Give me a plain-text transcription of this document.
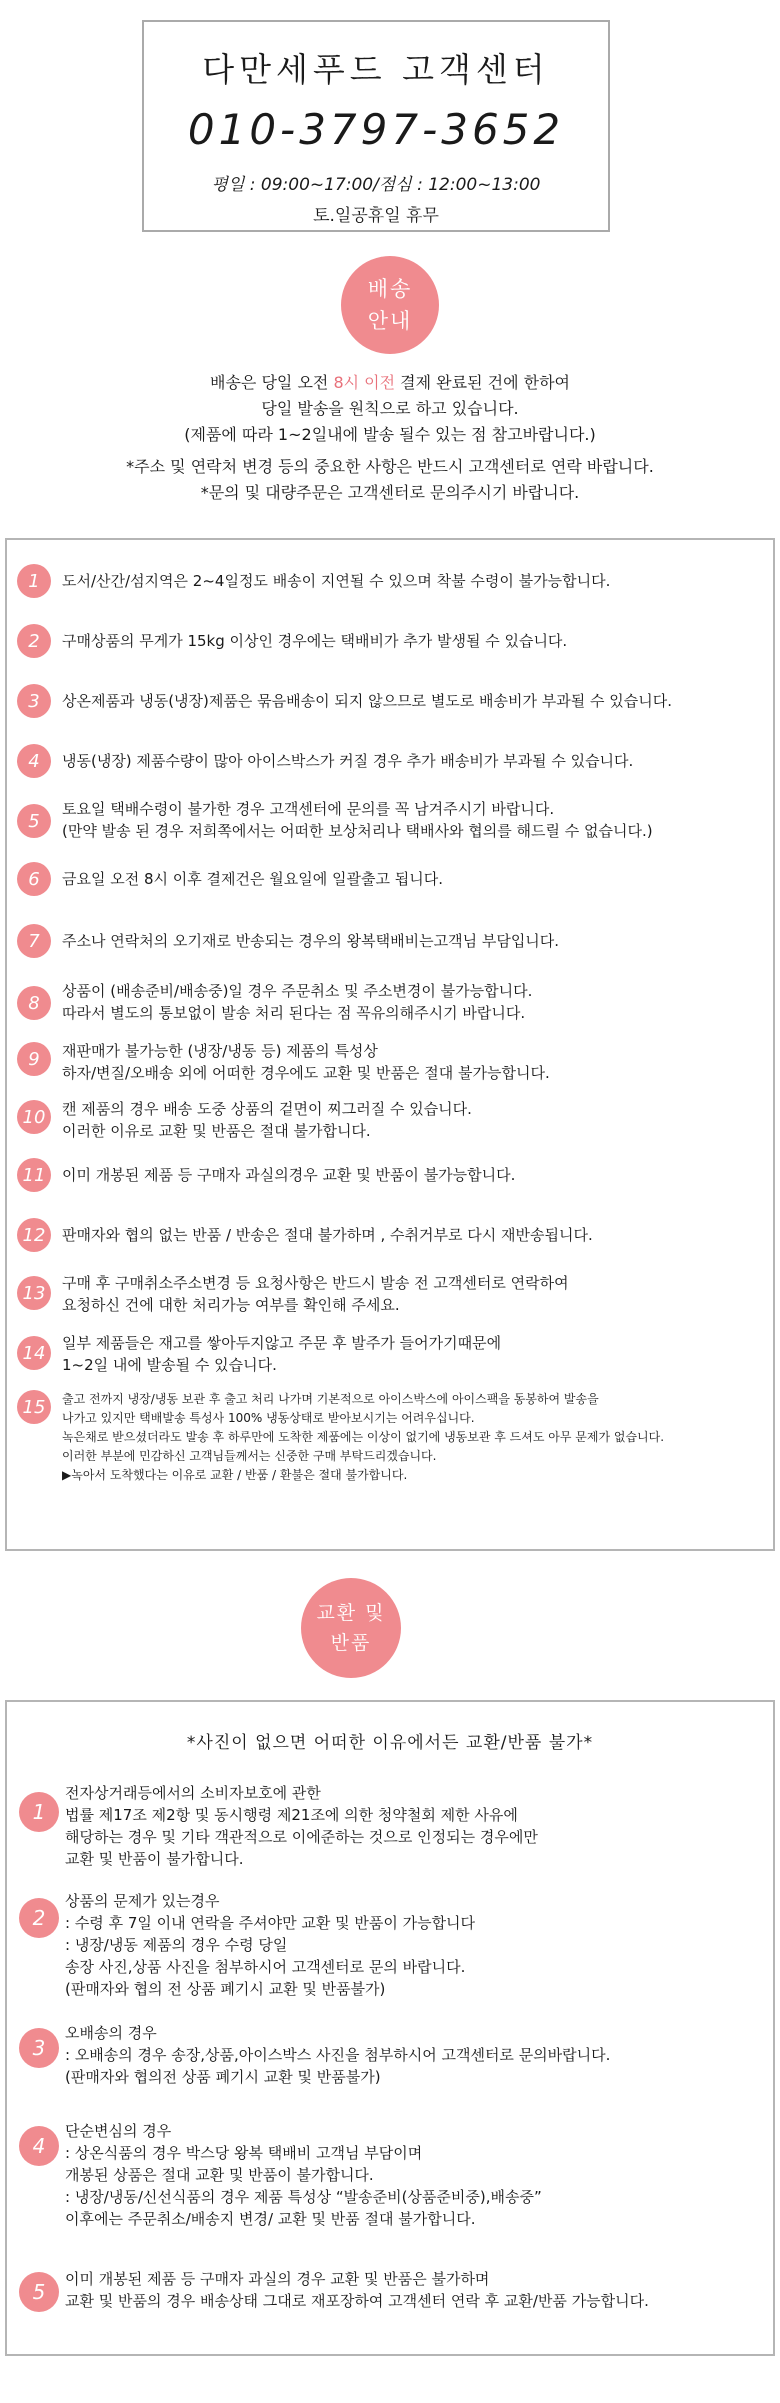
다만세푸드 고객센터
010-3797-3652
평일 : 09:00~17:00/점심 : 12:00~13:00
토.일공휴일 휴무
배송
안내
배송은 당일 오전 8시 이전 결제 완료된 건에 한하여
당일 발송을 원칙으로 하고 있습니다.
(제품에 따라 1~2일내에 발송 될수 있는 점 참고바랍니다.)
*주소 및 연락처 변경 등의 중요한 사항은 반드시 고객센터로 연락 바랍니다.
*문의 및 대량주문은 고객센터로 문의주시기 바랍니다.
1	도서/산간/섬지역은 2~4일정도 배송이 지연될 수 있으며 착불 수령이 불가능합니다.
2	구매상품의 무게가 15kg 이상인 경우에는 택배비가 추가 발생될 수 있습니다.
3	상온제품과 냉동(냉장)제품은 묶음배송이 되지 않으므로 별도로 배송비가 부과될 수 있습니다.
4	냉동(냉장) 제품수량이 많아 아이스박스가 커질 경우 추가 배송비가 부과될 수 있습니다.
5
토요일 택배수령이 불가한 경우 고객센터에 문의를 꼭 남겨주시기 바랍니다.
(만약 발송 된 경우 저희쪽에서는 어떠한 보상처리나 택배사와 협의를 해드릴 수 없습니다.)
6	금요일 오전 8시 이후 결제건은 월요일에 일괄출고 됩니다.
7	주소나 연락처의 오기재로 반송되는 경우의 왕복택배비는고객님 부담입니다.
8
상품이 (배송준비/배송중)일 경우 주문취소 및 주소변경이 불가능합니다.
따라서 별도의 통보없이 발송 처리 된다는 점 꼭유의해주시기 바랍니다.
9	재판매가 불가능한 (냉장/냉동 등) 제품의 특성상
하자/변질/오배송 외에 어떠한 경우에도 교환 및 반품은 절대 불가능합니다.
10	캔 제품의 경우 배송 도중 상품의 겉면이 찌그러질 수 있습니다.
이러한 이유로 교환 및 반품은 절대 불가합니다.
11	이미 개봉된 제품 등 구매자 과실의경우 교환 및 반품이 불가능합니다.
12	판매자와 협의 없는 반품 / 반송은 절대 불가하며 , 수취거부로 다시 재반송됩니다.
13	구매 후 구매취소주소변경 등 요청사항은 반드시 발송 전 고객센터로 연락하여
요청하신 건에 대한 처리가능 여부를 확인해 주세요.
14	일부 제품들은 재고를 쌓아두지않고 주문 후 발주가 들어가기때문에
1~2일 내에 발송될 수 있습니다.
15	출고 전까지 냉장/냉동 보관 후 출고 처리 나가며 기본적으로 아이스박스에 아이스팩을 동봉하여 발송을
나가고 있지만 택배발송 특성사 100% 냉동상태로 받아보시기는 어려우십니다.
녹은채로 받으셨더라도 발송 후 하루만에 도착한 제품에는 이상이 없기에 냉동보관 후 드셔도 아무 문제가 없습니다.
이러한 부분에 민감하신 고객님들께서는 신중한 구매 부탁드리겠습니다.
▶녹아서 도착했다는 이유로 교환 / 반품 / 환불은 절대 불가합니다.
교환 및
반품
*사진이 없으면 어떠한 이유에서든 교환/반품 불가*
1
전자상거래등에서의 소비자보호에 관한
법률 제17조 제2항 및 동시행령 제21조에 의한 청약철회 제한 사유에
해당하는 경우 및 기타 객관적으로 이에준하는 것으로 인정되는 경우에만
교환 및 반품이 불가합니다.
2
상품의 문제가 있는경우
: 수령 후 7일 이내 연락을 주셔야만 교환 및 반품이 가능합니다
: 냉장/냉동 제품의 경우 수령 당일
송장 사진,상품 사진을 첨부하시어 고객센터로 문의 바랍니다.
(판매자와 협의 전 상품 폐기시 교환 및 반품불가)
3
오배송의 경우
: 오배송의 경우 송장,상품,아이스박스 사진을 첨부하시어 고객센터로 문의바랍니다.
(판매자와 협의전 상품 폐기시 교환 및 반품불가)
4
단순변심의 경우
: 상온식품의 경우 박스당 왕복 택배비 고객님 부담이며
개봉된 상품은 절대 교환 및 반품이 불가합니다.
: 냉장/냉동/신선식품의 경우 제품 특성상 “발송준비(상품준비중),배송중”
이후에는 주문취소/배송지 변경/ 교환 및 반품 절대 불가합니다.
5
이미 개봉된 제품 등 구매자 과실의 경우 교환 및 반품은 불가하며
교환 및 반품의 경우 배송상태 그대로 재포장하여 고객센터 연락 후 교환/반품 가능합니다.
